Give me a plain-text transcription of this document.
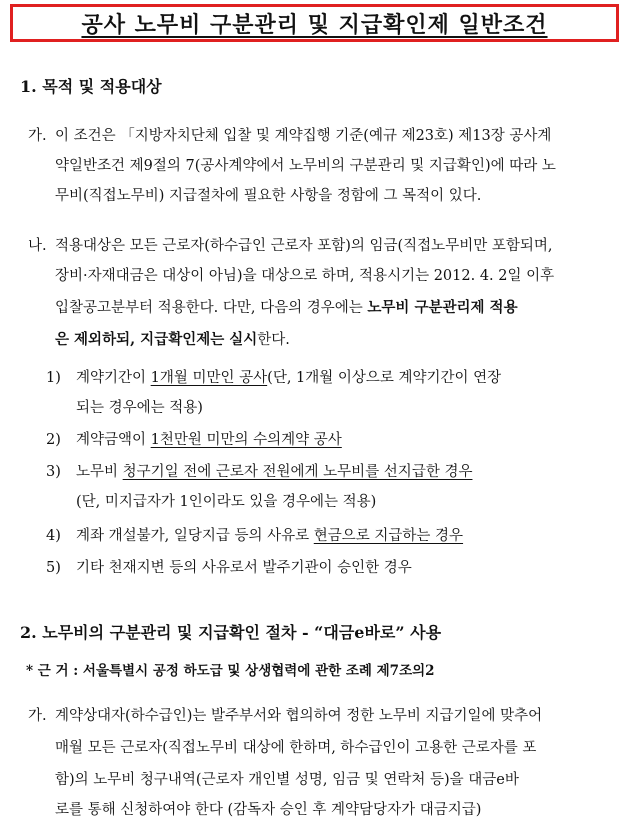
공사 노무비 구분관리 및 지급확인제 일반조건
1. 목적 및 적용대상
가. 이 조건은 「지방자치단체 입찰 및 계약집행 기준(예규 제23호) 제13장 공사계
약일반조건 제9절의 7(공사계약에서 노무비의 구분관리 및 지급확인)에 따라 노
무비(직접노무비) 지급절차에 필요한 사항을 정함에 그 목적이 있다.
나. 적용대상은 모든 근로자(하수급인 근로자 포함)의 임금(직접노무비만 포함되며,
장비·자재대금은 대상이 아님)을 대상으로 하며, 적용시기는 2012. 4. 2일 이후
입찰공고분부터 적용한다. 다만, 다음의 경우에는 노무비 구분관리제 적용
은 제외하되, 지급확인제는 실시한다.
1) 계약기간이 1개월 미만인 공사(단, 1개월 이상으로 계약기간이 연장
되는 경우에는 적용)
2) 계약금액이 1천만원 미만의 수의계약 공사
3) 노무비 청구기일 전에 근로자 전원에게 노무비를 선지급한 경우
(단, 미지급자가 1인이라도 있을 경우에는 적용)
4) 계좌 개설불가, 일당지급 등의 사유로 현금으로 지급하는 경우
5) 기타 천재지변 등의 사유로서 발주기관이 승인한 경우
2. 노무비의 구분관리 및 지급확인 절차 - “대금e바로” 사용
* 근 거 : 서울특별시 공정 하도급 및 상생협력에 관한 조례 제7조의2
가. 계약상대자(하수급인)는 발주부서와 협의하여 정한 노무비 지급기일에 맞추어
매월 모든 근로자(직접노무비 대상에 한하며, 하수급인이 고용한 근로자를 포
함)의 노무비 청구내역(근로자 개인별 성명, 임금 및 연락처 등)을 대금e바
로를 통해 신청하여야 한다 (감독자 승인 후 계약담당자가 대금지급)
